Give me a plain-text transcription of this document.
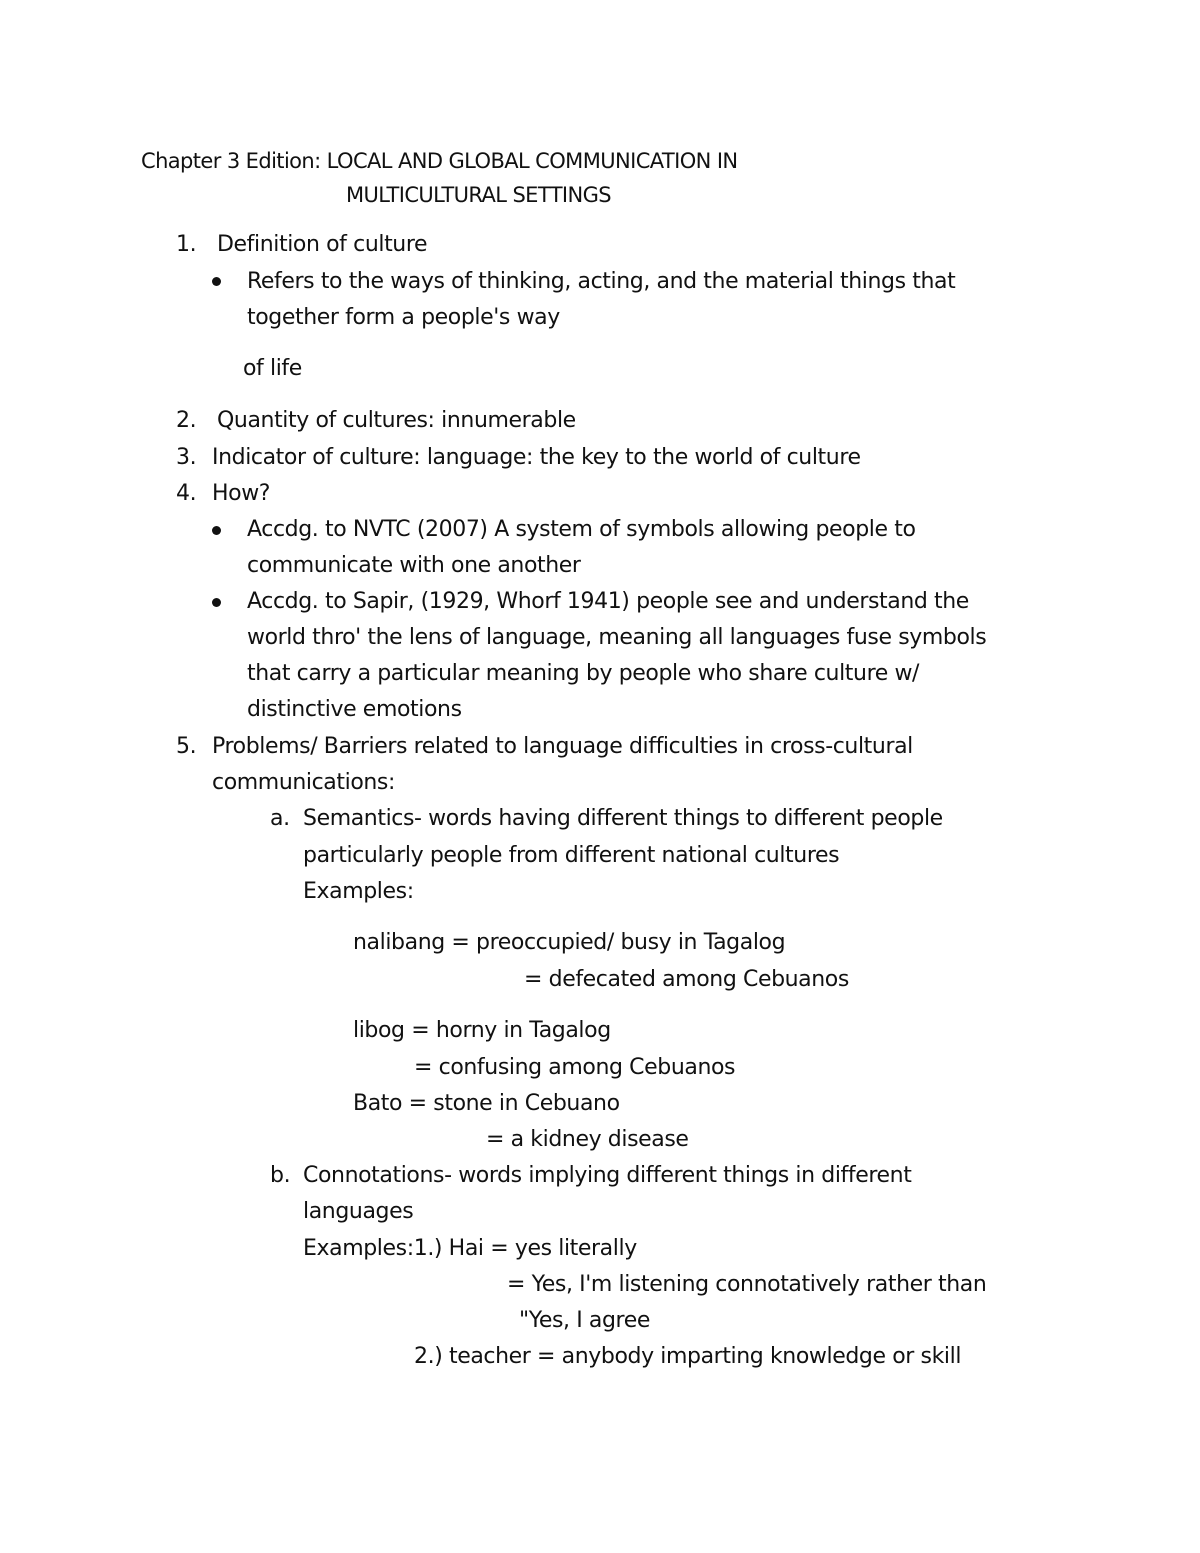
Chapter 3 Edition: LOCAL AND GLOBAL COMMUNICATION IN
MULTICULTURAL SETTINGS
1. Definition of culture
Refers to the ways of thinking, acting, and the material things that
together form a people's way
of life
2. Quantity of cultures: innumerable
3. Indicator of culture: language: the key to the world of culture
4. How?
Accdg. to NVTC (2007) A system of symbols allowing people to
communicate with one another
Accdg. to Sapir, (1929, Whorf 1941) people see and understand the
world thro' the lens of language, meaning all languages fuse symbols
that carry a particular meaning by people who share culture w/
distinctive emotions
5. Problems/ Barriers related to language difficulties in cross-cultural
communications:
a. Semantics- words having different things to different people
particularly people from different national cultures
Examples:
nalibang = preoccupied/ busy in Tagalog
= defecated among Cebuanos
libog = horny in Tagalog
= confusing among Cebuanos
Bato = stone in Cebuano
= a kidney disease
b. Connotations- words implying different things in different
languages
Examples:1.) Hai = yes literally
= Yes, I'm listening connotatively rather than
"Yes, I agree
2.) teacher = anybody imparting knowledge or skill
